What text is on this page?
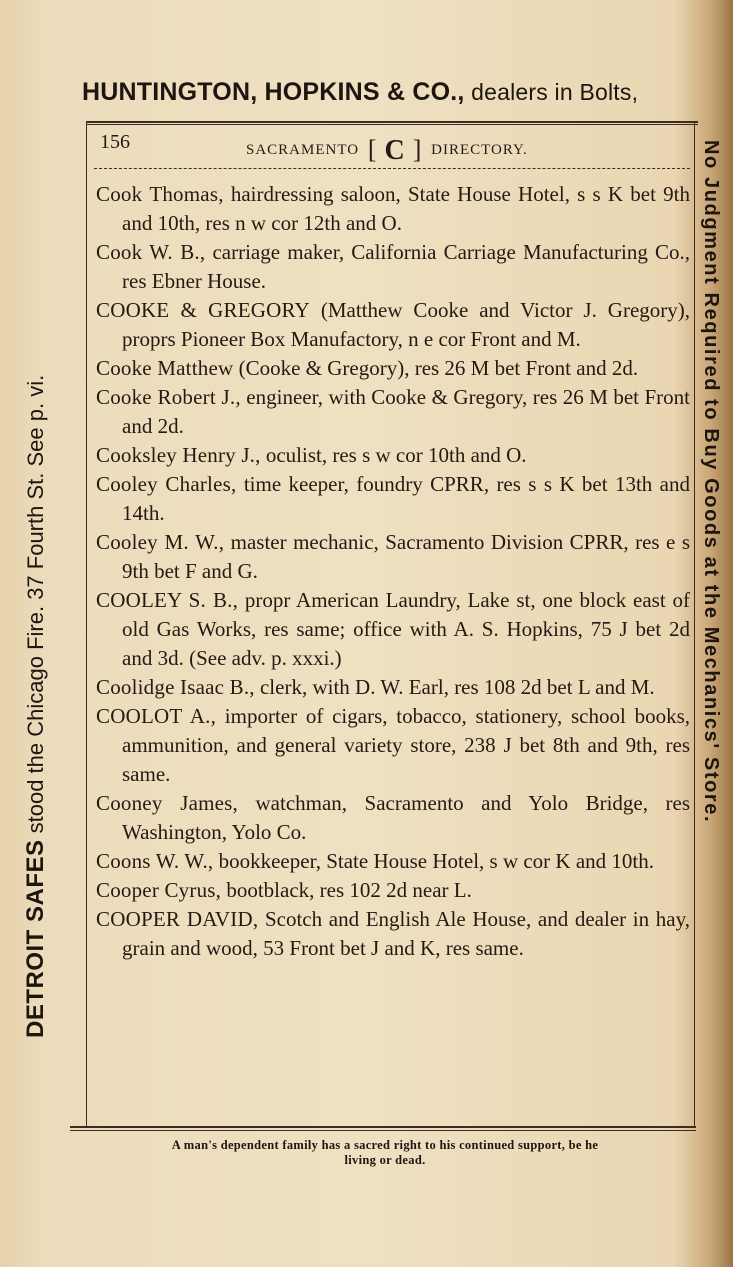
HUNTINGTON, HOPKINS & CO., dealers in Bolts,
156	SACRAMENTO [ C ] DIRECTORY.

Cook Thomas, hairdressing saloon, State House Hotel, s s K bet 9th and 10th, res n w cor 12th and O.

Cook W. B., carriage maker, California Carriage Manufacturing Co., res Ebner House.

COOKE & GREGORY (Matthew Cooke and Victor J. Gregory), proprs Pioneer Box Manufactory, n e cor Front and M.

Cooke Matthew (Cooke & Gregory), res 26 M bet Front and 2d.

Cooke Robert J., engineer, with Cooke & Gregory, res 26 M bet Front and 2d.

Cooksley Henry J., oculist, res s w cor 10th and O.

Cooley Charles, time keeper, foundry CPRR, res s s K bet 13th and 14th.

Cooley M. W., master mechanic, Sacramento Division CPRR, res e s 9th bet F and G.

COOLEY S. B., propr American Laundry, Lake st, one block east of old Gas Works, res same; office with A. S. Hopkins, 75 J bet 2d and 3d. (See adv. p. xxxi.)

Coolidge Isaac B., clerk, with D. W. Earl, res 108 2d bet L and M.

COOLOT A., importer of cigars, tobacco, stationery, school books, ammunition, and general variety store, 238 J bet 8th and 9th, res same.

Cooney James, watchman, Sacramento and Yolo Bridge, res Washington, Yolo Co.

Coons W. W., bookkeeper, State House Hotel, s w cor K and 10th.

Cooper Cyrus, bootblack, res 102 2d near L.

COOPER DAVID, Scotch and English Ale House, and dealer in hay, grain and wood, 53 Front bet J and K, res same.

DETROIT SAFES stood the Chicago Fire. 37 Fourth St. See p. vi.	No Judgment Required to Buy Goods at the Mechanics' Store.
A man's dependent family has a sacred right to his continued support, be he
living or dead.
